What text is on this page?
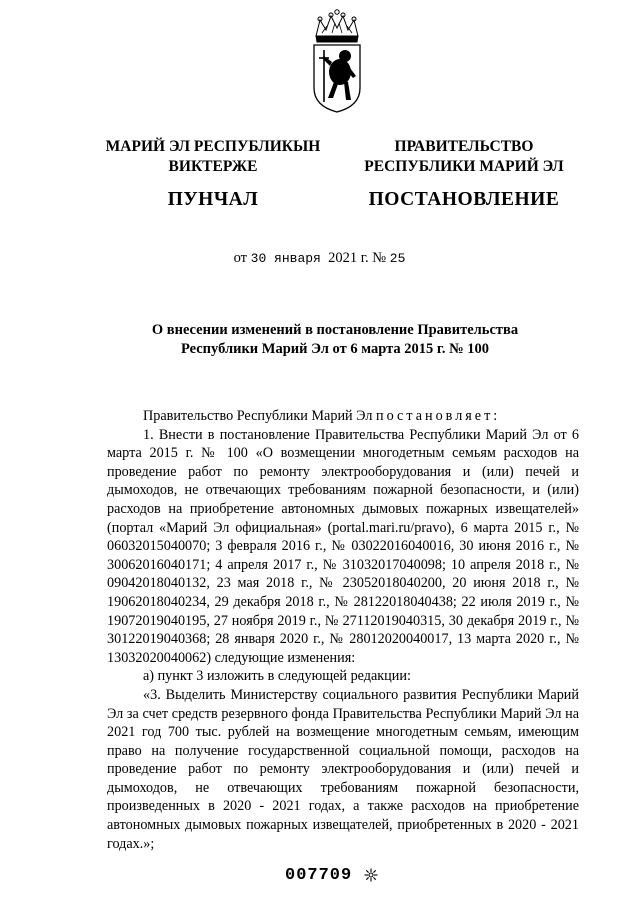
МАРИЙ ЭЛ РЕСПУБЛИКЫН
ВИКТЕРЖЕ
ПУНЧАЛ
ПРАВИТЕЛЬСТВО
РЕСПУБЛИКИ МАРИЙ ЭЛ
ПОСТАНОВЛЕНИЕ
от 30 января 2021 г. № 25
О внесении изменений в постановление Правительства
Республики Марий Эл от 6 марта 2015 г. № 100

Правительство Республики Марий Эл постановляет:

1. Внести в постановление Правительства Республики Марий Эл от 6 марта 2015 г. № 100 «О возмещении многодетным семьям расходов на проведение работ по ремонту электрооборудования и (или) печей и дымоходов, не отвечающих требованиям пожарной безопасности, и (или) расходов на приобретение автономных дымовых пожарных извещателей» (портал «Марий Эл официальная» (portal.mari.ru/pravo), 6 марта 2015 г., № 06032015040070; 3 февраля 2016 г., № 03022016040016, 30 июня 2016 г., № 30062016040171; 4 апреля 2017 г., № 31032017040098; 10 апреля 2018 г., № 09042018040132, 23 мая 2018 г., № 23052018040200, 20 июня 2018 г., № 19062018040234, 29 декабря 2018 г., № 28122018040438; 22 июля 2019 г., № 19072019040195, 27 ноября 2019 г., № 27112019040315, 30 декабря 2019 г., № 30122019040368; 28 января 2020 г., № 28012020040017, 13 марта 2020 г., № 13032020040062) следующие изменения:

а) пункт 3 изложить в следующей редакции:

«3. Выделить Министерству социального развития Республики Марий Эл за счет средств резервного фонда Правительства Республики Марий Эл на 2021 год 700 тыс. рублей на возмещение многодетным семьям, имеющим право на получение государственной социальной помощи, расходов на проведение работ по ремонту электрооборудования и (или) печей и дымоходов, не отвечающих требованиям пожарной безопасности, произведенных в 2020 - 2021 годах, а также расходов на приобретение автономных дымовых пожарных извещателей, приобретенных в 2020 - 2021 годах.»;

007709
